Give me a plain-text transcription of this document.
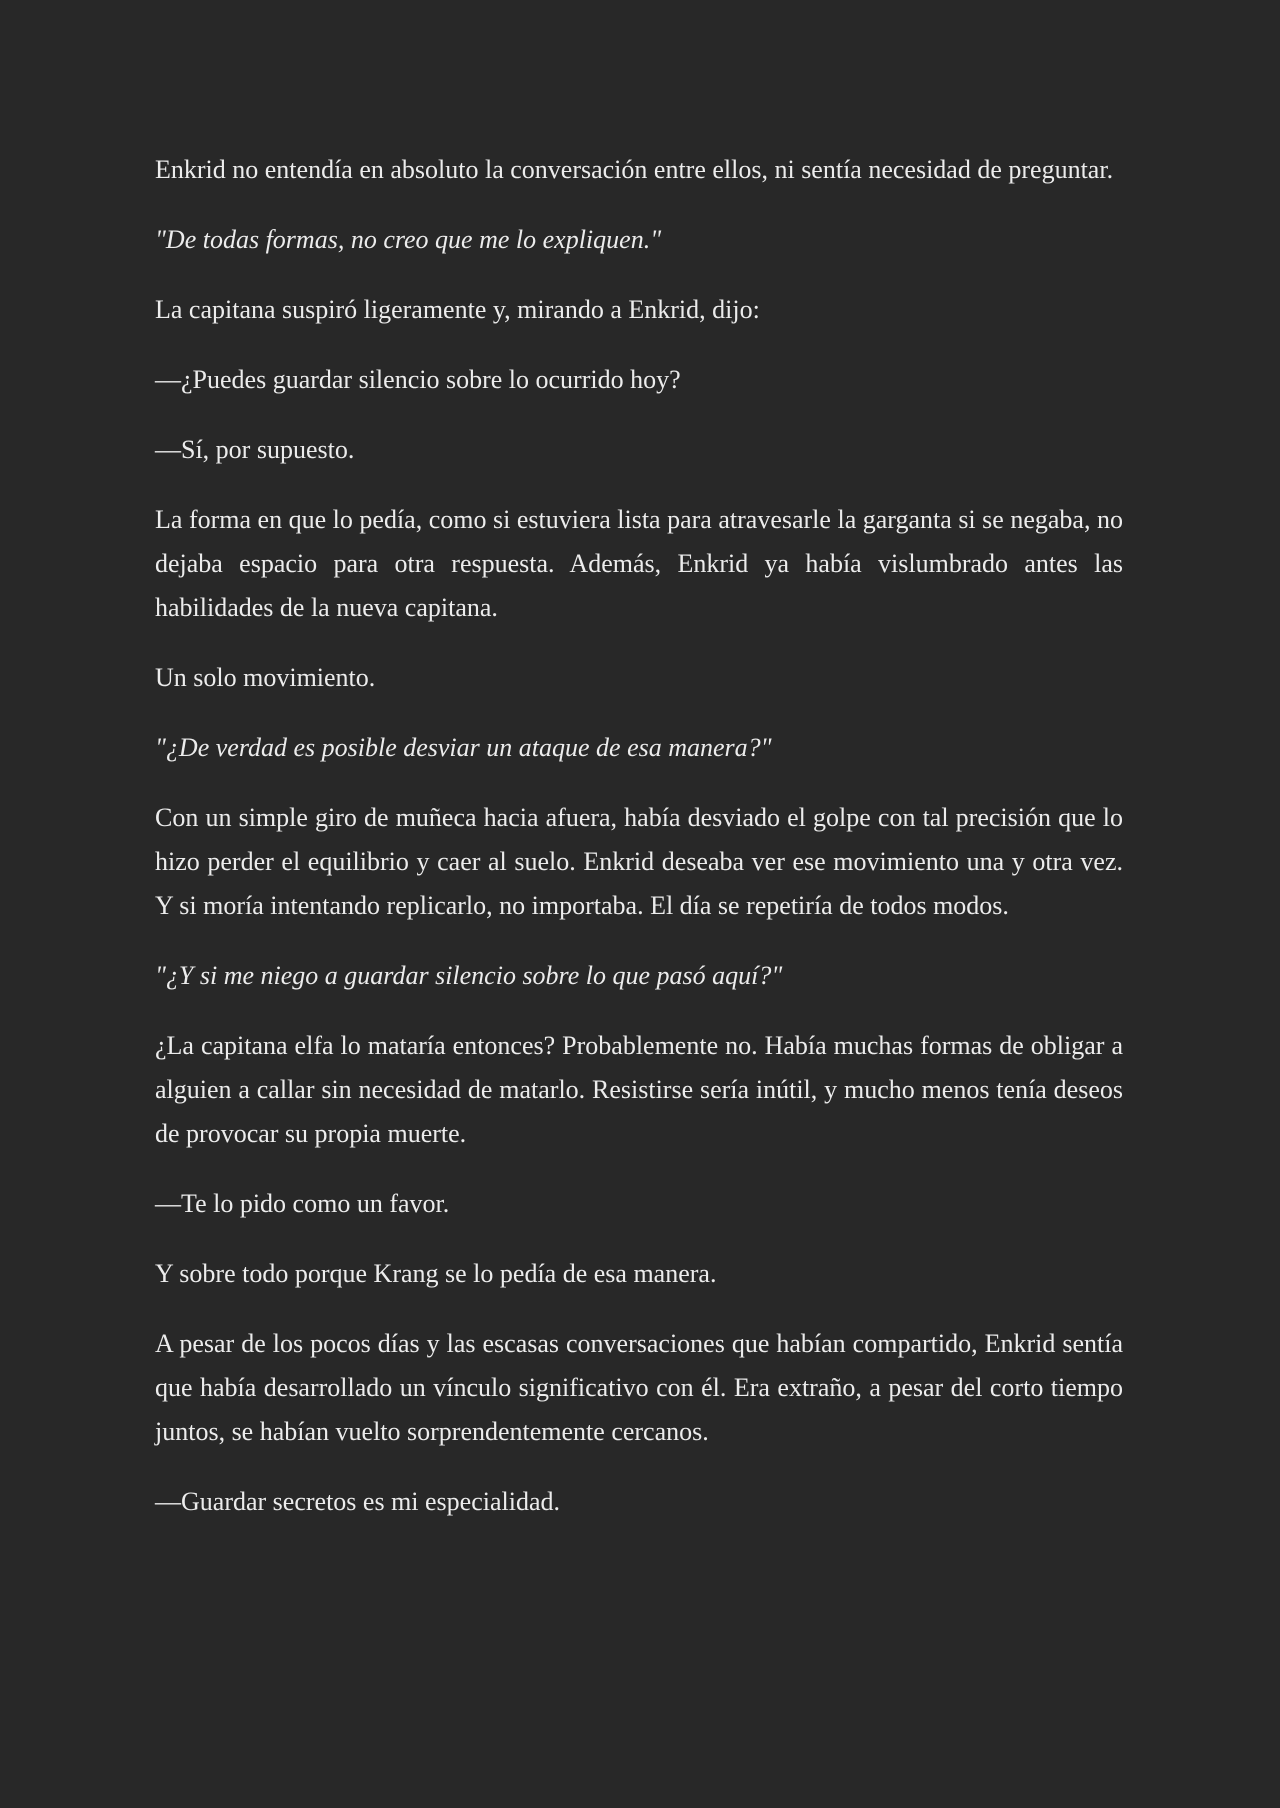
Enkrid no entendía en absoluto la conversación entre ellos, ni sentía necesidad de preguntar.

"De todas formas, no creo que me lo expliquen."

La capitana suspiró ligeramente y, mirando a Enkrid, dijo:

—¿Puedes guardar silencio sobre lo ocurrido hoy?

—Sí, por supuesto.

La forma en que lo pedía, como si estuviera lista para atravesarle la garganta si se negaba, no dejaba espacio para otra respuesta. Además, Enkrid ya había vislumbrado antes las habilidades de la nueva capitana.

Un solo movimiento.

"¿De verdad es posible desviar un ataque de esa manera?"

Con un simple giro de muñeca hacia afuera, había desviado el golpe con tal precisión que lo hizo perder el equilibrio y caer al suelo. Enkrid deseaba ver ese movimiento una y otra vez. Y si moría intentando replicarlo, no importaba. El día se repetiría de todos modos.

"¿Y si me niego a guardar silencio sobre lo que pasó aquí?"

¿La capitana elfa lo mataría entonces? Probablemente no. Había muchas formas de obligar a alguien a callar sin necesidad de matarlo. Resistirse sería inútil, y mucho menos tenía deseos de provocar su propia muerte.

—Te lo pido como un favor.

Y sobre todo porque Krang se lo pedía de esa manera.

A pesar de los pocos días y las escasas conversaciones que habían compartido, Enkrid sentía que había desarrollado un vínculo significativo con él. Era extraño, a pesar del corto tiempo juntos, se habían vuelto sorprendentemente cercanos.

—Guardar secretos es mi especialidad.
